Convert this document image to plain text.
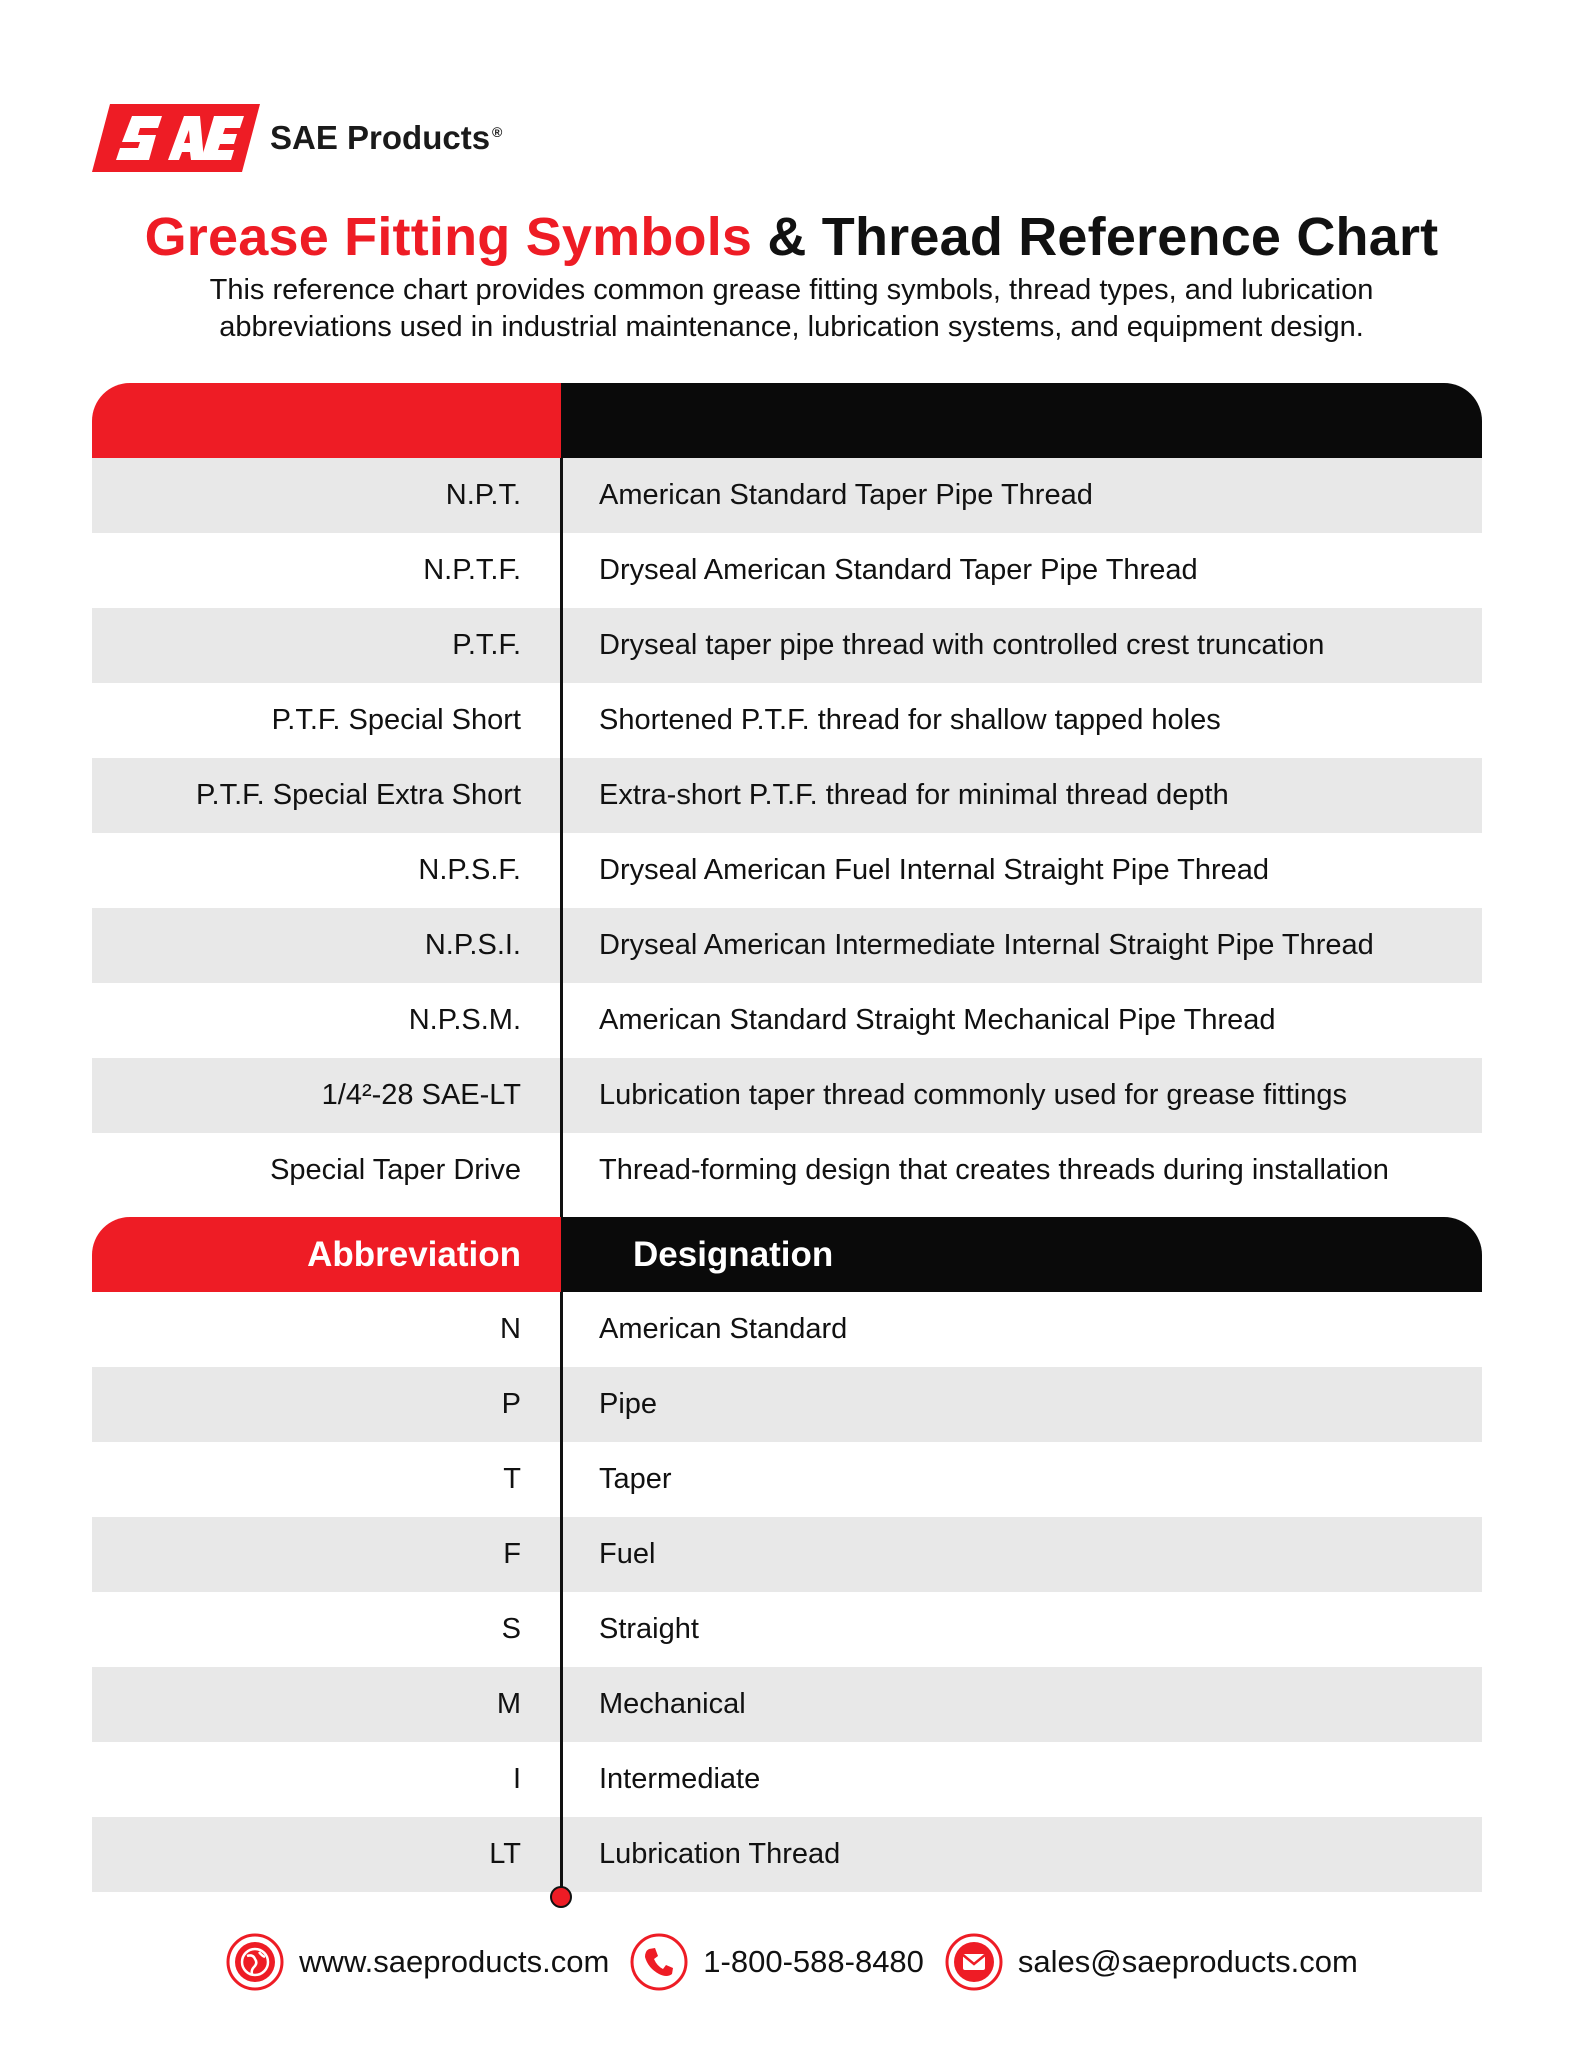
SAE Products ®
Grease Fitting Symbols & Thread Reference Chart
This reference chart provides common grease fitting symbols, thread types, and lubrication abbreviations used in industrial maintenance, lubrication systems, and equipment design.
N.P.T.	American Standard Taper Pipe Thread
N.P.T.F.	Dryseal American Standard Taper Pipe Thread
P.T.F.	Dryseal taper pipe thread with controlled crest truncation
P.T.F. Special Short	Shortened P.T.F. thread for shallow tapped holes
P.T.F. Special Extra Short	Extra-short P.T.F. thread for minimal thread depth
N.P.S.F.	Dryseal American Fuel Internal Straight Pipe Thread
N.P.S.I.	Dryseal American Intermediate Internal Straight Pipe Thread
N.P.S.M.	American Standard Straight Mechanical Pipe Thread
1/4²-28 SAE-LT	Lubrication taper thread commonly used for grease fittings
Special Taper Drive	Thread-forming design that creates threads during installation
Abbreviation	Designation
N	American Standard
P	Pipe
T	Taper
F	Fuel
S	Straight
M	Mechanical
I	Intermediate
LT	Lubrication Thread
www.saeproducts.com	1-800-588-8480	sales@saeproducts.com
